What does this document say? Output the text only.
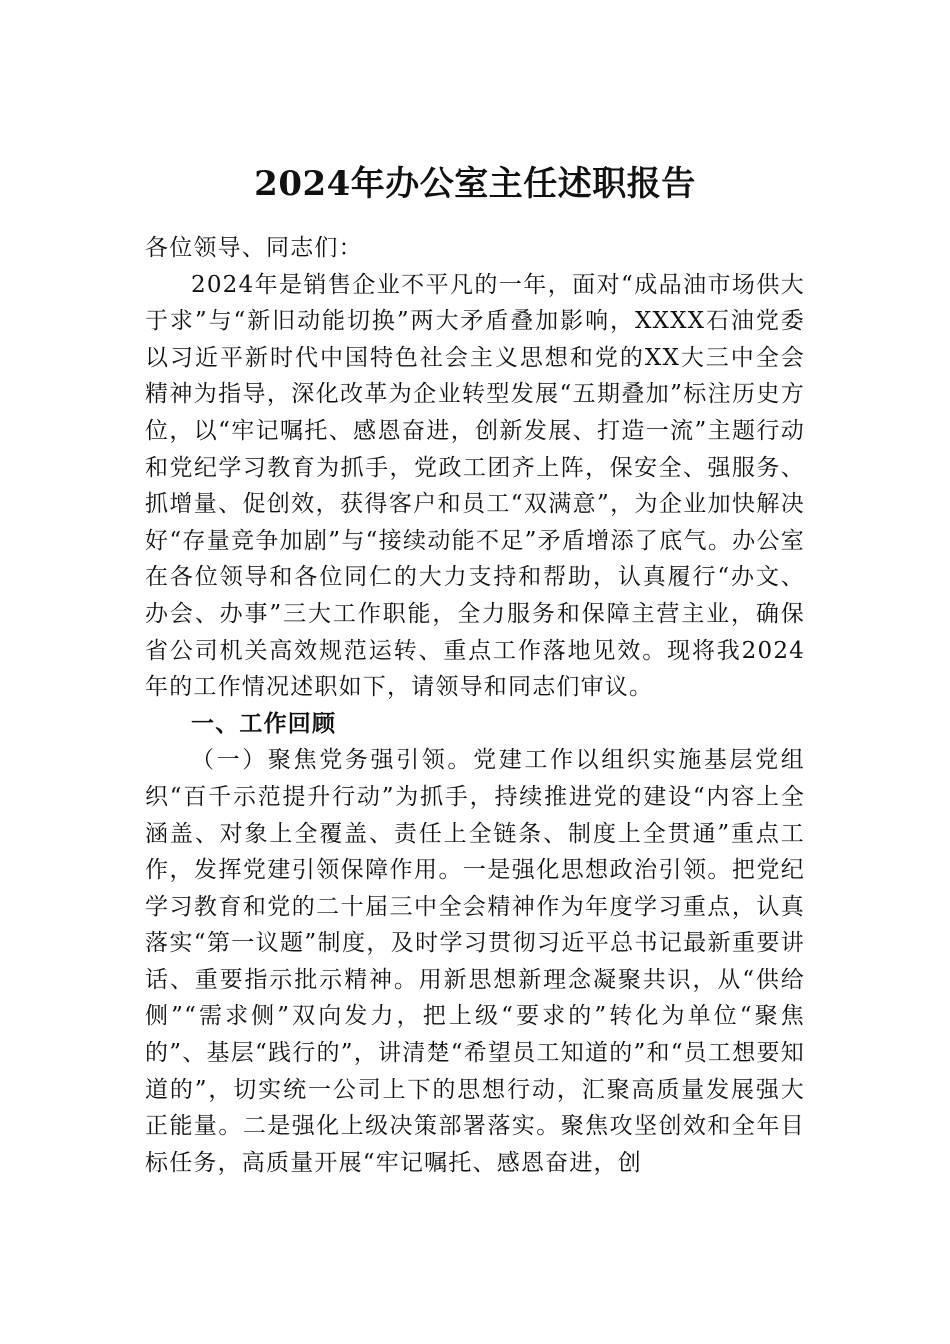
2024年办公室主任述职报告

各位领导、同志们：

2024年是销售企业不平凡的一年，面对“成品油市场供大于求”与“新旧动能切换”两大矛盾叠加影响，XXXX石油党委以习近平新时代中国特色社会主义思想和党的XX大三中全会精神为指导，深化改革为企业转型发展“五期叠加”标注历史方位，以“牢记嘱托、感恩奋进，创新发展、打造一流”主题行动和党纪学习教育为抓手，党政工团齐上阵，保安全、强服务、抓增量、促创效，获得客户和员工“双满意”，为企业加快解决好“存量竞争加剧”与“接续动能不足”矛盾增添了底气。办公室在各位领导和各位同仁的大力支持和帮助，认真履行“办文、办会、办事”三大工作职能，全力服务和保障主营主业，确保省公司机关高效规范运转、重点工作落地见效。现将我2024年的工作情况述职如下，请领导和同志们审议。

一、工作回顾

（一）聚焦党务强引领。党建工作以组织实施基层党组织“百千示范提升行动”为抓手，持续推进党的建设“内容上全涵盖、对象上全覆盖、责任上全链条、制度上全贯通”重点工作，发挥党建引领保障作用。一是强化思想政治引领。把党纪学习教育和党的二十届三中全会精神作为年度学习重点，认真落实“第一议题”制度，及时学习贯彻习近平总书记最新重要讲话、重要指示批示精神。用新思想新理念凝聚共识，从“供给侧”“需求侧”双向发力，把上级“要求的”转化为单位“聚焦的”、基层“践行的”，讲清楚“希望员工知道的”和“员工想要知道的”，切实统一公司上下的思想行动，汇聚高质量发展强大正能量。二是强化上级决策部署落实。聚焦攻坚创效和全年目标任务，高质量开展“牢记嘱托、感恩奋进，创
